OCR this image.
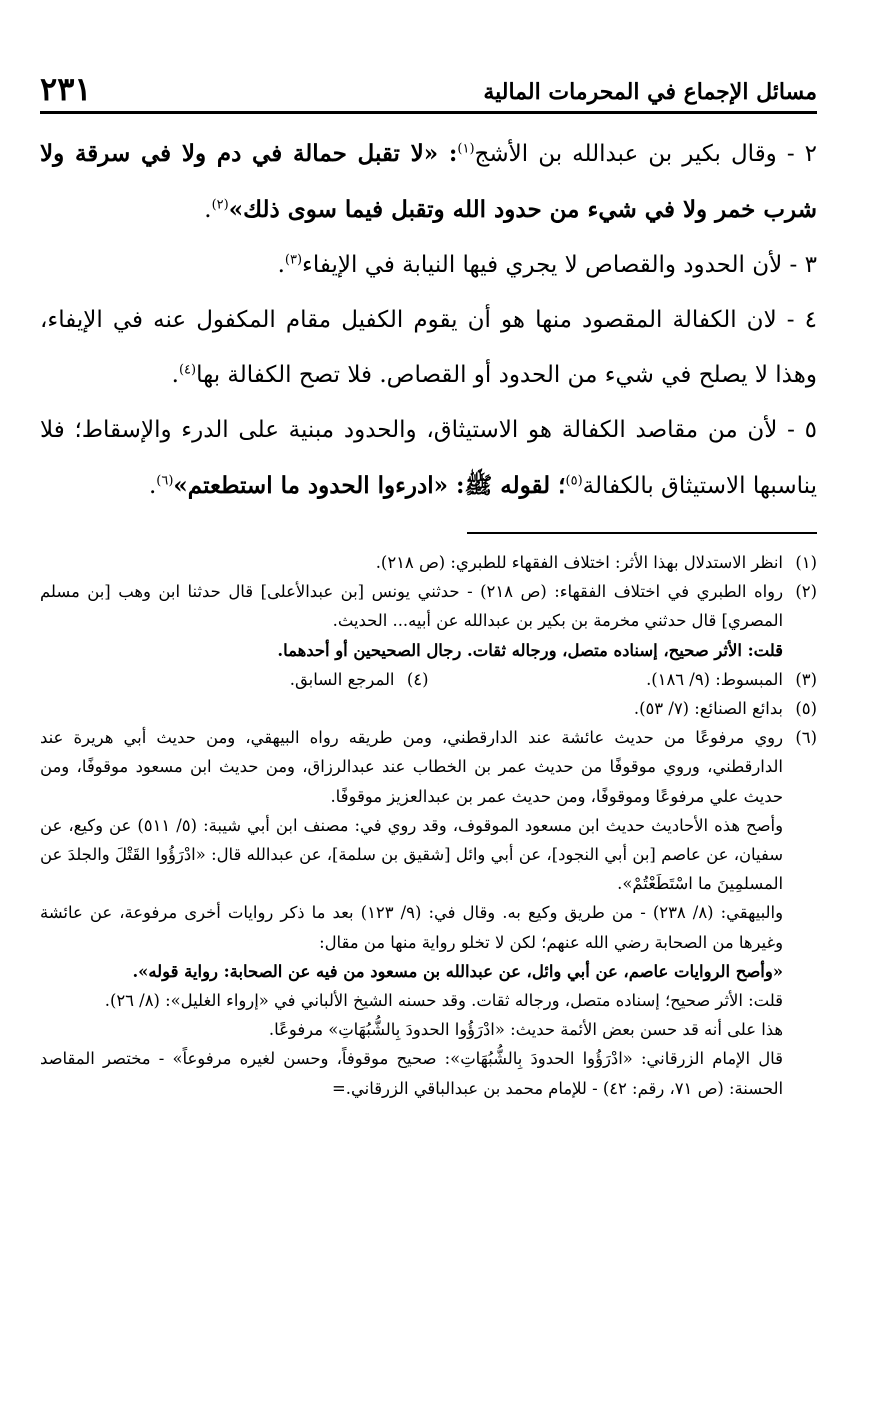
مسائل الإجماع في المحرمات المالية
٢٣١

٢ - وقال بكير بن عبدالله بن الأشج$^{(١)}$: «لا تقبل حمالة في دم ولا في سرقة ولا شرب خمر ولا في شيء من حدود الله وتقبل فيما سوى ذلك»$^{(٢)}$.

٣ - لأن الحدود والقصاص لا يجري فيها النيابة في الإيفاء$^{(٣)}$.

٤ - لان الكفالة المقصود منها هو أن يقوم الكفيل مقام المكفول عنه في الإيفاء، وهذا لا يصلح في شيء من الحدود أو القصاص. فلا تصح الكفالة بها$^{(٤)}$.

٥ - لأن من مقاصد الكفالة هو الاستيثاق، والحدود مبنية على الدرء والإسقاط؛ فلا يناسبها الاستيثاق بالكفالة$^{(٥)}$؛ لقوله ﷺ: «ادرءوا الحدود ما استطعتم»$^{(٦)}$.

(١)
انظر الاستدلال بهذا الأثر: اختلاف الفقهاء للطبري: (ص ٢١٨).
(٢)
رواه الطبري في اختلاف الفقهاء: (ص ٢١٨) - حدثني يونس [بن عبدالأعلى] قال حدثنا ابن وهب [بن مسلم المصري] قال حدثني مخرمة بن بكير بن عبدالله عن أبيه... الحديث.
قلت: الأثر صحيح، إسناده متصل، ورجاله ثقات. رجال الصحيحين أو أحدهما.
(٣)
المبسوط: (٩/ ١٨٦).
(٤)
المرجع السابق.
(٥)
بدائع الصنائع: (٧/ ٥٣).
(٦)
روي مرفوعًا من حديث عائشة عند الدارقطني، ومن طريقه رواه البيهقي، ومن حديث أبي هريرة عند الدارقطني، وروي موقوفًا من حديث عمر بن الخطاب عند عبدالرزاق، ومن حديث ابن مسعود موقوفًا، ومن حديث علي مرفوعًا وموقوفًا، ومن حديث عمر بن عبدالعزيز موقوفًا.
وأصح هذه الأحاديث حديث ابن مسعود الموقوف، وقد روي في: مصنف ابن أبي شيبة: (٥/ ٥١١) عن وكيع، عن سفيان، عن عاصم [بن أبي النجود]، عن أبي وائل [شقيق بن سلمة]، عن عبدالله قال: «ادْرَؤُوا القَتْلَ والجلدَ عن المسلمِينَ ما اسْتَطَعْتُمْ».
والبيهقي: (٨/ ٢٣٨) - من طريق وكيع به. وقال في: (٩/ ١٢٣) بعد ما ذكر روايات أخرى مرفوعة، عن عائشة وغيرها من الصحابة رضي الله عنهم؛ لكن لا تخلو رواية منها من مقال:
«وأصح الروايات عاصم، عن أبي وائل، عن عبدالله بن مسعود من فيه عن الصحابة: رواية قوله».
قلت: الأثر صحيح؛ إسناده متصل، ورجاله ثقات. وقد حسنه الشيخ الألباني في «إرواء الغليل»: (٨/ ٢٦).
هذا على أنه قد حسن بعض الأئمة حديث: «ادْرَؤُوا الحدودَ بِالشُّبُهَاتِ» مرفوعًا.
قال الإمام الزرقاني: «ادْرَؤُوا الحدودَ بِالشُّبُهَاتِ»: صحيح موقوفاً، وحسن لغيره مرفوعاً» - مختصر المقاصد الحسنة: (ص ٧١، رقم: ٤٢) - للإمام محمد بن عبدالباقي الزرقاني.=
